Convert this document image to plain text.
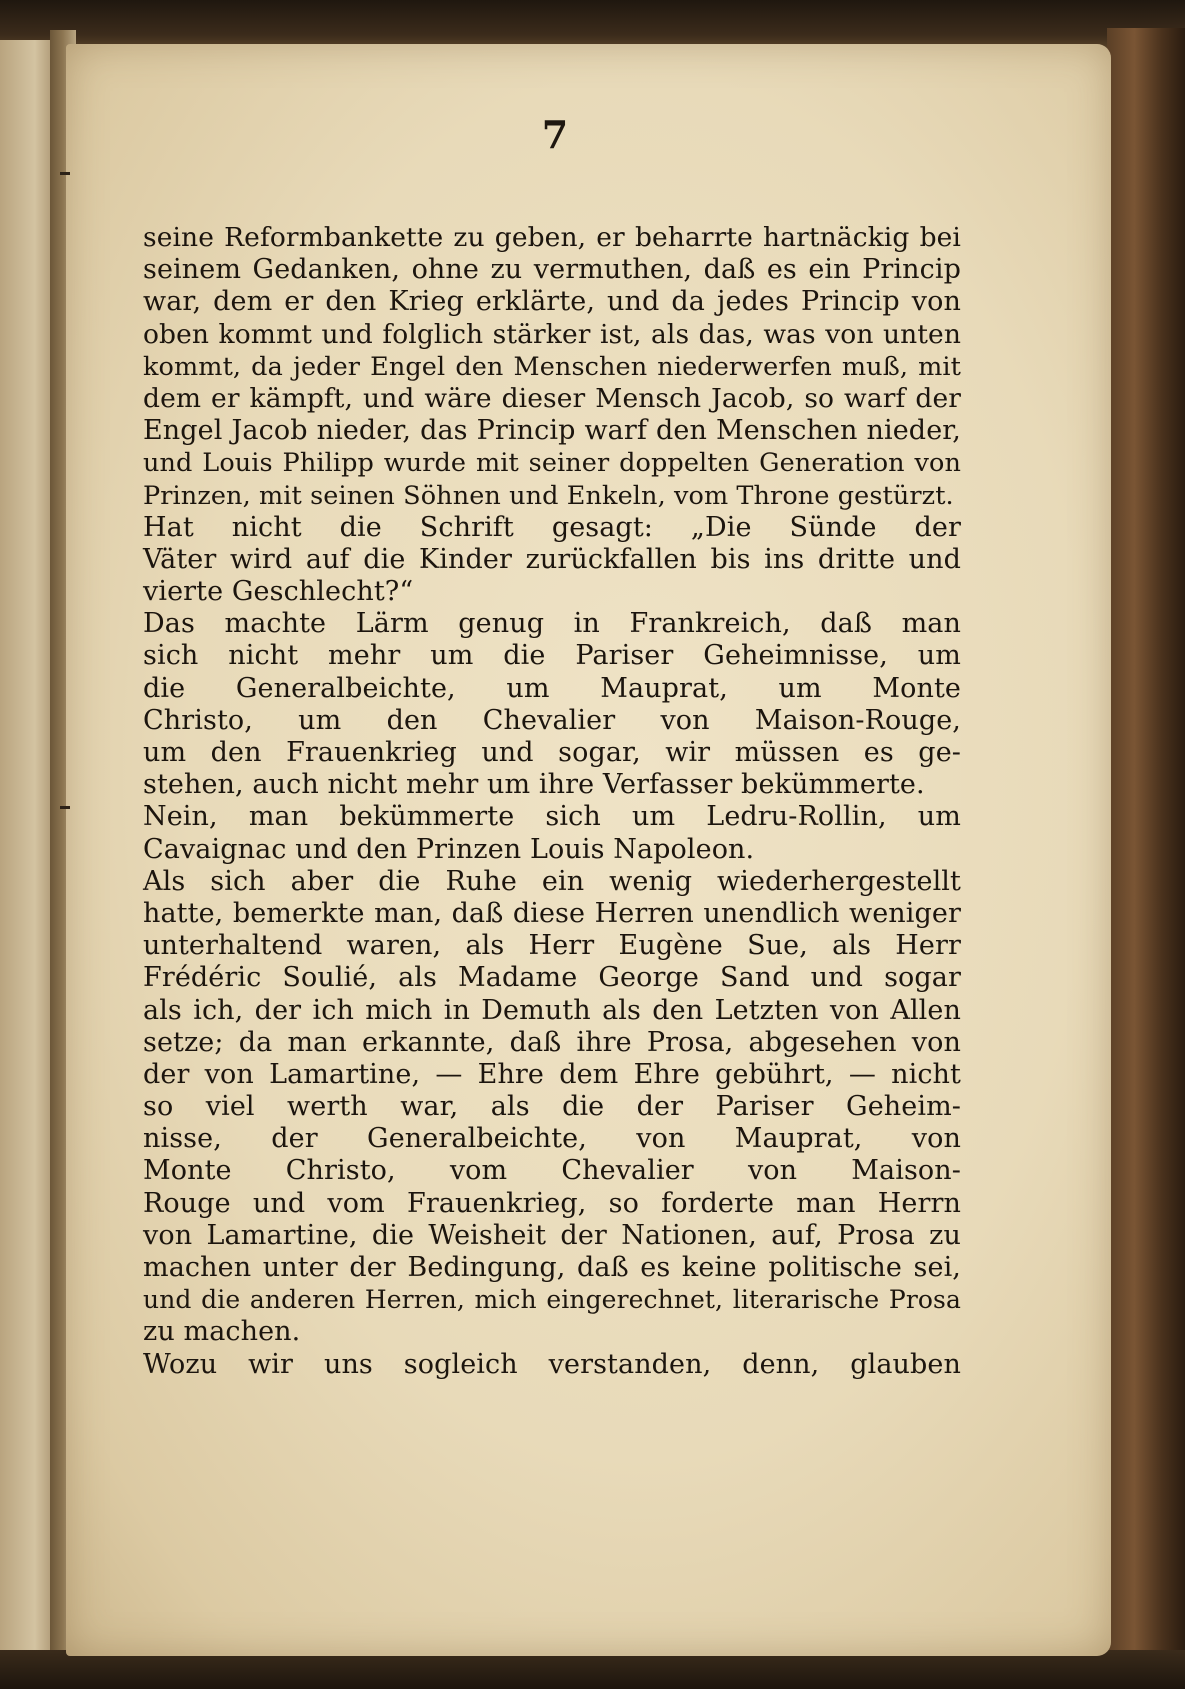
7

seine Reformbankette zu geben, er beharrte hartnäckig bei
seinem Gedanken, ohne zu vermuthen, daß es ein Princip
war, dem er den Krieg erklärte, und da jedes Princip von
oben kommt und folglich stärker ist, als das, was von unten
kommt, da jeder Engel den Menschen niederwerfen muß, mit
dem er kämpft, und wäre dieser Mensch Jacob, so warf der
Engel Jacob nieder, das Princip warf den Menschen nieder,
und Louis Philipp wurde mit seiner doppelten Generation von
Prinzen, mit seinen Söhnen und Enkeln, vom Throne gestürzt.
Hat nicht die Schrift gesagt: „Die Sünde der
Väter wird auf die Kinder zurückfallen bis ins dritte und
vierte Geschlecht?“
Das machte Lärm genug in Frankreich, daß man
sich nicht mehr um die Pariser Geheimnisse, um
die Generalbeichte, um Mauprat, um Monte
Christo, um den Chevalier von Maison-Rouge,
um den Frauenkrieg und sogar, wir müssen es ge-
stehen, auch nicht mehr um ihre Verfasser bekümmerte.
Nein, man bekümmerte sich um Ledru-Rollin, um
Cavaignac und den Prinzen Louis Napoleon.
Als sich aber die Ruhe ein wenig wiederhergestellt
hatte, bemerkte man, daß diese Herren unendlich weniger
unterhaltend waren, als Herr Eugène Sue, als Herr
Frédéric Soulié, als Madame George Sand und sogar
als ich, der ich mich in Demuth als den Letzten von Allen
setze; da man erkannte, daß ihre Prosa, abgesehen von
der von Lamartine, — Ehre dem Ehre gebührt, — nicht
so viel werth war, als die der Pariser Geheim-
nisse, der Generalbeichte, von Mauprat, von
Monte Christo, vom Chevalier von Maison-
Rouge und vom Frauenkrieg, so forderte man Herrn
von Lamartine, die Weisheit der Nationen, auf, Prosa zu
machen unter der Bedingung, daß es keine politische sei,
und die anderen Herren, mich eingerechnet, literarische Prosa
zu machen.
Wozu wir uns sogleich verstanden, denn, glauben
